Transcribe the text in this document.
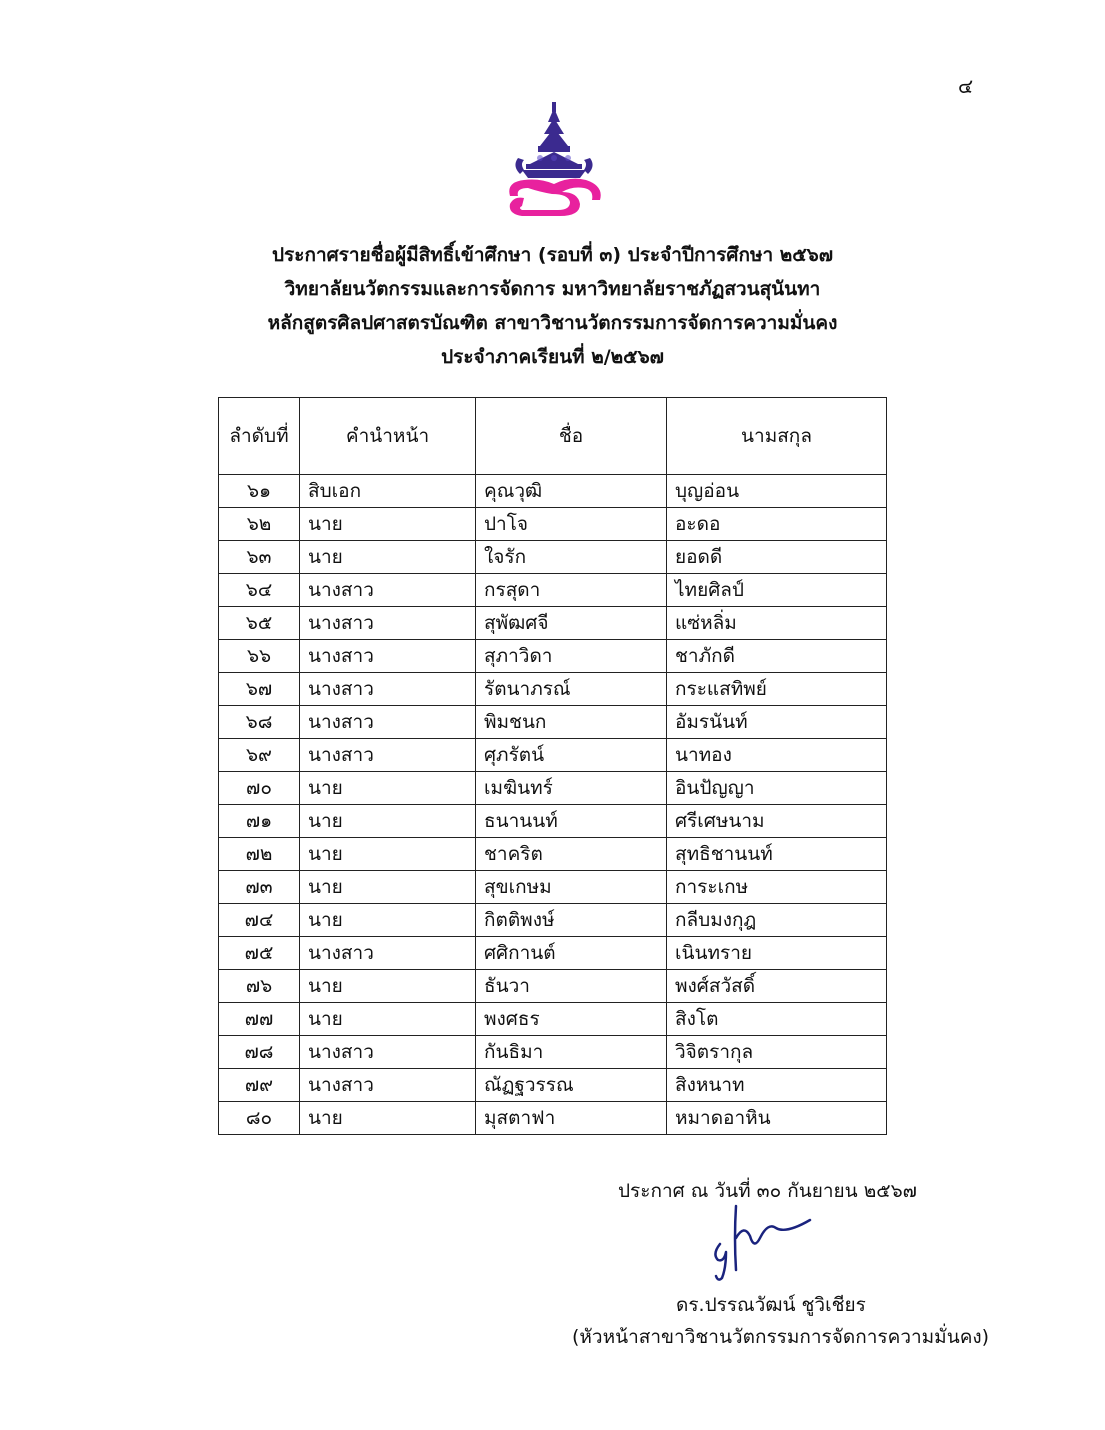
๔
ประกาศรายชื่อผู้มีสิทธิ์เข้าศึกษา (รอบที่ ๓) ประจำปีการศึกษา ๒๕๖๗
วิทยาลัยนวัตกรรมและการจัดการ มหาวิทยาลัยราชภัฏสวนสุนันทา
หลักสูตรศิลปศาสตรบัณฑิต สาขาวิชานวัตกรรมการจัดการความมั่นคง
ประจำภาคเรียนที่ ๒/๒๕๖๗
ลำดับที่	คำนำหน้า	ชื่อ	นามสกุล
๖๑	สิบเอก	คุณวุฒิ	บุญอ่อน
๖๒	นาย	ปาโจ	อะดอ
๖๓	นาย	ใจรัก	ยอดดี
๖๔	นางสาว	กรสุดา	ไทยศิลป์
๖๕	นางสาว	สุพัฒศจี	แซ่หลิ่ม
๖๖	นางสาว	สุภาวิดา	ชาภักดี
๖๗	นางสาว	รัตนาภรณ์	กระแสทิพย์
๖๘	นางสาว	พิมชนก	อัมรนันท์
๖๙	นางสาว	ศุภรัตน์	นาทอง
๗๐	นาย	เมฆินทร์	อินปัญญา
๗๑	นาย	ธนานนท์	ศรีเศษนาม
๗๒	นาย	ชาคริต	สุทธิชานนท์
๗๓	นาย	สุขเกษม	การะเกษ
๗๔	นาย	กิตติพงษ์	กลีบมงกุฎ
๗๕	นางสาว	ศศิกานต์	เนินทราย
๗๖	นาย	ธันวา	พงศ์สวัสดิ์
๗๗	นาย	พงศธร	สิงโต
๗๘	นางสาว	กันธิมา	วิจิตรากุล
๗๙	นางสาว	ณัฏฐวรรณ	สิงหนาท
๘๐	นาย	มุสตาฟา	หมาดอาหิน
ประกาศ ณ วันที่ ๓๐ กันยายน ๒๕๖๗
ดร.ปรรณวัฒน์ ชูวิเชียร
(หัวหน้าสาขาวิชานวัตกรรมการจัดการความมั่นคง)
